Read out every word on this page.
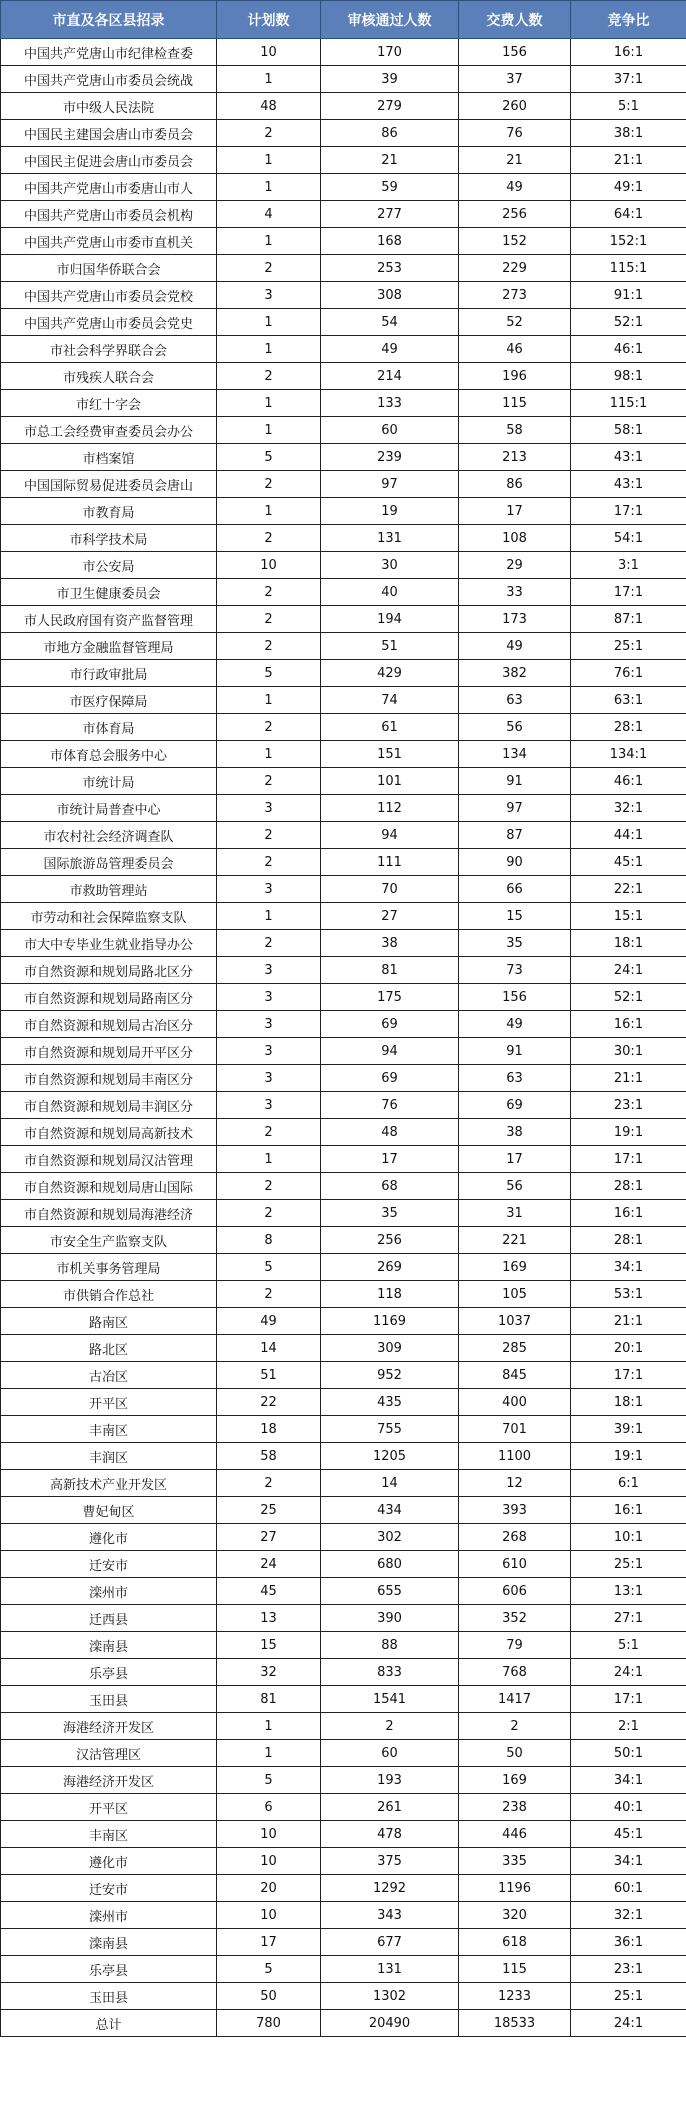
市直及各区县招录	计划数	审核通过人数	交费人数	竞争比
中国共产党唐山市纪律检查委	10	170	156	16:1
中国共产党唐山市委员会统战	1	39	37	37:1
市中级人民法院	48	279	260	5:1
中国民主建国会唐山市委员会	2	86	76	38:1
中国民主促进会唐山市委员会	1	21	21	21:1
中国共产党唐山市委唐山市人	1	59	49	49:1
中国共产党唐山市委员会机构	4	277	256	64:1
中国共产党唐山市委市直机关	1	168	152	152:1
市归国华侨联合会	2	253	229	115:1
中国共产党唐山市委员会党校	3	308	273	91:1
中国共产党唐山市委员会党史	1	54	52	52:1
市社会科学界联合会	1	49	46	46:1
市残疾人联合会	2	214	196	98:1
市红十字会	1	133	115	115:1
市总工会经费审查委员会办公	1	60	58	58:1
市档案馆	5	239	213	43:1
中国国际贸易促进委员会唐山	2	97	86	43:1
市教育局	1	19	17	17:1
市科学技术局	2	131	108	54:1
市公安局	10	30	29	3:1
市卫生健康委员会	2	40	33	17:1
市人民政府国有资产监督管理	2	194	173	87:1
市地方金融监督管理局	2	51	49	25:1
市行政审批局	5	429	382	76:1
市医疗保障局	1	74	63	63:1
市体育局	2	61	56	28:1
市体育总会服务中心	1	151	134	134:1
市统计局	2	101	91	46:1
市统计局普查中心	3	112	97	32:1
市农村社会经济调查队	2	94	87	44:1
国际旅游岛管理委员会	2	111	90	45:1
市救助管理站	3	70	66	22:1
市劳动和社会保障监察支队	1	27	15	15:1
市大中专毕业生就业指导办公	2	38	35	18:1
市自然资源和规划局路北区分	3	81	73	24:1
市自然资源和规划局路南区分	3	175	156	52:1
市自然资源和规划局古冶区分	3	69	49	16:1
市自然资源和规划局开平区分	3	94	91	30:1
市自然资源和规划局丰南区分	3	69	63	21:1
市自然资源和规划局丰润区分	3	76	69	23:1
市自然资源和规划局高新技术	2	48	38	19:1
市自然资源和规划局汉沽管理	1	17	17	17:1
市自然资源和规划局唐山国际	2	68	56	28:1
市自然资源和规划局海港经济	2	35	31	16:1
市安全生产监察支队	8	256	221	28:1
市机关事务管理局	5	269	169	34:1
市供销合作总社	2	118	105	53:1
路南区	49	1169	1037	21:1
路北区	14	309	285	20:1
古冶区	51	952	845	17:1
开平区	22	435	400	18:1
丰南区	18	755	701	39:1
丰润区	58	1205	1100	19:1
高新技术产业开发区	2	14	12	6:1
曹妃甸区	25	434	393	16:1
遵化市	27	302	268	10:1
迁安市	24	680	610	25:1
滦州市	45	655	606	13:1
迁西县	13	390	352	27:1
滦南县	15	88	79	5:1
乐亭县	32	833	768	24:1
玉田县	81	1541	1417	17:1
海港经济开发区	1	2	2	2:1
汉沽管理区	1	60	50	50:1
海港经济开发区	5	193	169	34:1
开平区	6	261	238	40:1
丰南区	10	478	446	45:1
遵化市	10	375	335	34:1
迁安市	20	1292	1196	60:1
滦州市	10	343	320	32:1
滦南县	17	677	618	36:1
乐亭县	5	131	115	23:1
玉田县	50	1302	1233	25:1
总计	780	20490	18533	24:1
